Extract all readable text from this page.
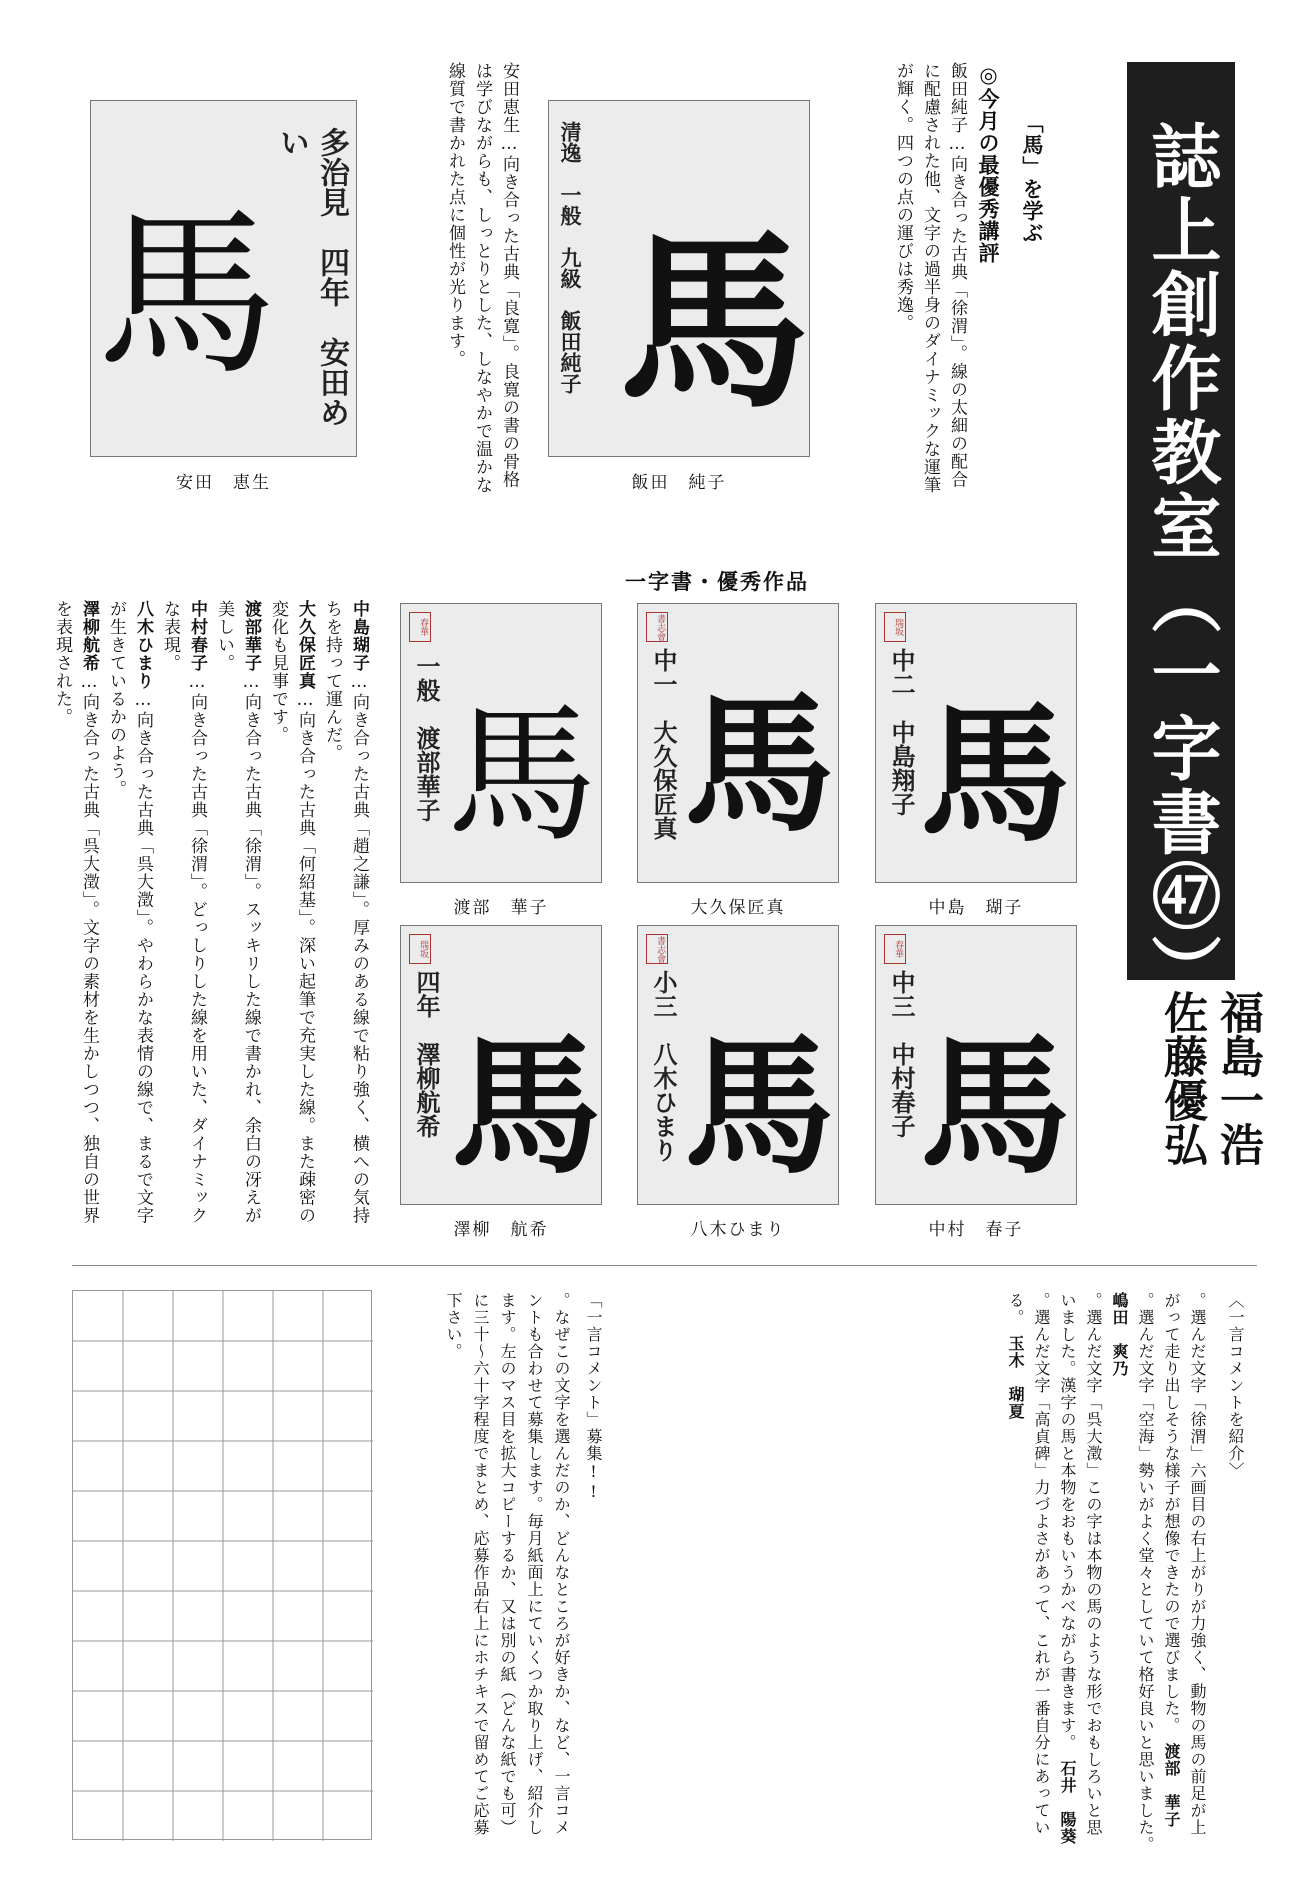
誌上創作教室（一字書㊼）
福島一浩
佐藤優弘
「馬」を学ぶ
◎今月の最優秀講評
飯田純子…向き合った古典「徐渭」。線の太細の配合に配慮された他、文字の過半身のダイナミックな運筆が輝く。四つの点の運びは秀逸。
安田恵生…向き合った古典「良寛」。良寛の書の骨格は学びながらも、しっとりとした、しなやかで温かな線質で書かれた点に個性が光ります。	清逸　一般　九級　飯田純子 馬
飯田　純子
多治見　四年　安田めい
馬
安田　恵生
一字書・優秀作品
瑞坂
中二　中島翔子 馬
中島　瑚子
書志會
中一　大久保匠真 馬
大久保匠真
春華
一般　渡部華子 馬
渡部　華子
春華
中三　中村春子 馬
中村　春子
書志會
小三　八木ひまり 馬
八木ひまり
瑞坂
四年　澤柳航希 馬
澤柳　航希

中島瑚子…向き合った古典「趙之謙」。厚みのある線で粘り強く、横への気持ちを持って運んだ。

大久保匠真…向き合った古典「何紹基」。深い起筆で充実した線。また疎密の変化も見事です。

渡部華子…向き合った古典「徐渭」。スッキリした線で書かれ、余白の冴えが美しい。

中村春子…向き合った古典「徐渭」。どっしりした線を用いた、ダイナミックな表現。

八木ひまり…向き合った古典「呉大澂」。やわらかな表情の線で、まるで文字が生きているかのよう。

澤柳航希…向き合った古典「呉大澂」。文字の素材を生かしつつ、独自の世界を表現された。

〈一言コメントを紹介〉

。選んだ文字「徐渭」六画目の右上がりが力強く、動物の馬の前足が上がって走り出しそうな様子が想像できたので選びました。　渡部　華子

。選んだ文字「空海」勢いがよく堂々としていて格好良いと思いました。　嶋田　爽乃

。選んだ文字「呉大澂」この字は本物の馬のような形でおもしろいと思いました。漢字の馬と本物をおもいうかべながら書きます。　石井　陽葵

。選んだ文字「高貞碑」力づよさがあって、これが一番自分にあっている。　玉木　瑚夏

「一言コメント」募集!!
。なぜこの文字を選んだのか、どんなところが好きか、など、一言コメントも合わせて募集します。毎月紙面上にていくつか取り上げ、紹介します。左のマス目を拡大コピーするか、又は別の紙（どんな紙でも可）に三十〜六十字程度でまとめ、応募作品右上にホチキスで留めてご応募下さい。
